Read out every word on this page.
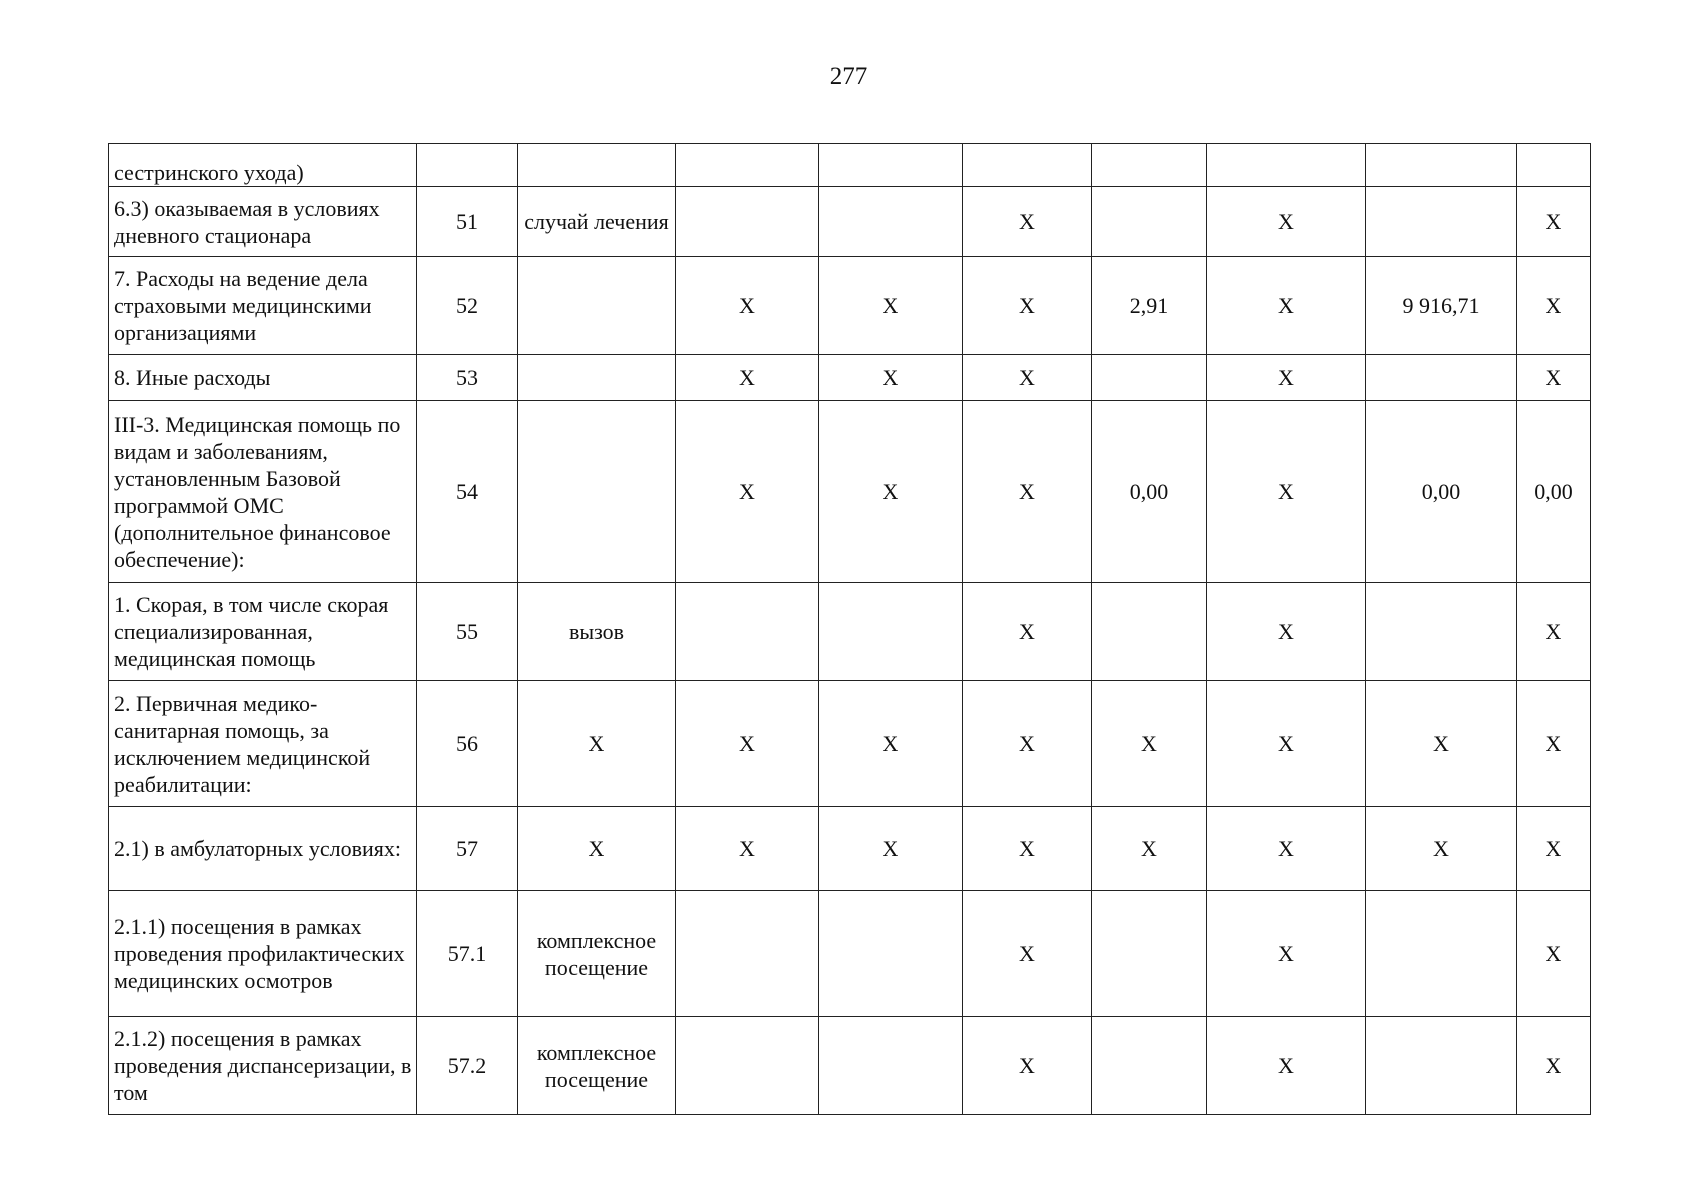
277
сестринского ухода)									
6.3) оказываемая в условиях дневного стационара	51	случай лечения			Х		Х		Х
7. Расходы на ведение дела страховыми медицинскими организациями	52		Х	Х	Х	2,91	Х	9 916,71	Х
8. Иные расходы	53		Х	Х	Х		Х		Х
III-3. Медицинская помощь по видам и заболеваниям, установленным Базовой программой ОМС (дополнительное финансовое обеспечение):	54		Х	Х	Х	0,00	Х	0,00	0,00
1. Скорая, в том числе скорая специализированная, медицинская помощь	55	вызов			Х		Х		Х
2. Первичная медико-санитарная помощь, за исключением медицинской реабилитации:	56	Х	Х	Х	Х	Х	Х	Х	Х
2.1) в амбулаторных условиях:	57	Х	Х	Х	Х	Х	Х	Х	Х
2.1.1) посещения в рамках проведения профилактических медицинских осмотров	57.1	комплексное посещение			Х		Х		Х
2.1.2) посещения в рамках проведения диспансеризации, в том	57.2	комплексное посещение			Х		Х		Х
